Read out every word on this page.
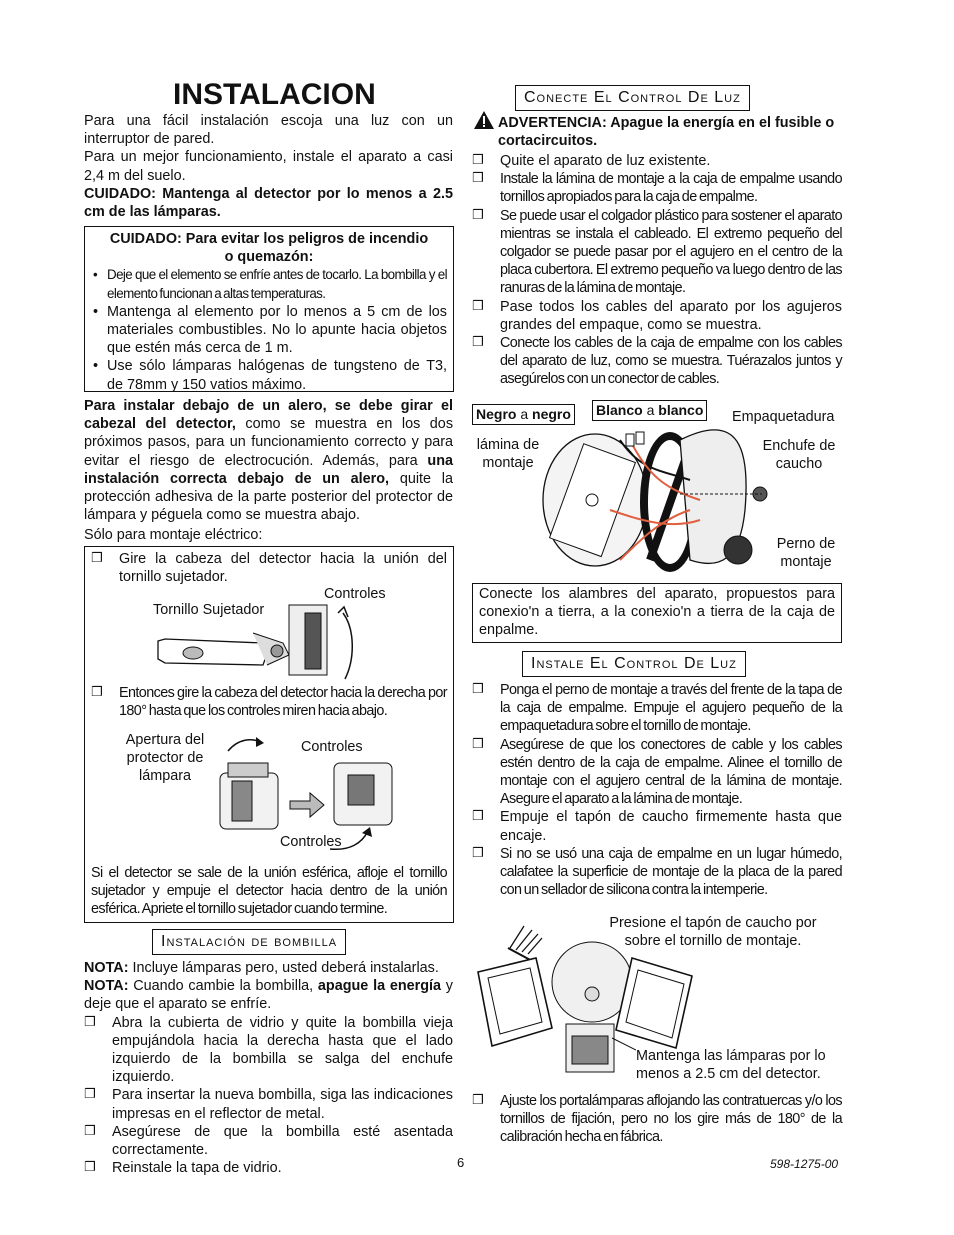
INSTALACION

Para una fácil instalación escoja una luz con un interruptor de pared.

Para un mejor funcionamiento, instale el aparato a casi 2,4 m del suelo.

CUIDADO: Mantenga al detector por lo menos a 2.5 cm de las lámparas.

CUIDADO: Para evitar los peligros de incendio o quemazón:

• Deje que el elemento se enfríe antes de tocarlo. La bombilla y el elemento funcionan a altas temperaturas.

• Mantenga al elemento por lo menos a 5 cm de los materiales combustibles. No lo apunte hacia objetos que estén más cerca de 1 m.

• Use sólo lámparas halógenas de tungsteno de T3, de 78mm y 150 vatios máximo.

Para instalar debajo de un alero, se debe girar el cabezal del detector, como se muestra en los dos próximos pasos, para un funcionamiento correcto y para evitar el riesgo de electrocución. Además, para una instalación correcta debajo de un alero, quite la protección adhesiva de la parte posterior del protector de lámpara y péguela como se muestra abajo.
Sólo para montaje eléctrico:

❒ Gire la cabeza del detector hacia la unión del tornillo sujetador.

Tornillo Sujetador
Controles

❒ Entonces gire la cabeza del detector hacia la derecha por 180° hasta que los controles miren hacia abajo.

Apertura del protector de lámpara
Controles
Controles
Si el detector se sale de la unión esférica, afloje el tornillo sujetador y empuje el detector hacia dentro de la unión esférica. Apriete el tornillo sujetador cuando termine.
Instalación de bombilla

NOTA: Incluye lámparas pero, usted deberá instalarlas.

NOTA: Cuando cambie la bombilla, apague la energía y deje que el aparato se enfríe.

❒ Abra la cubierta de vidrio y quite la bombilla vieja empujándola hacia la derecha hasta que el lado izquierdo de la bombilla se salga del enchufe izquierdo.

❒ Para insertar la nueva bombilla, siga las indicaciones impresas en el reflector de metal.

❒ Asegúrese de que la bombilla esté asentada correctamente.

❒ Reinstale la tapa de vidrio.

Conecte El Control De Luz
ADVERTENCIA: Apague la energía en el fusible o cortacircuitos.

❒ Quite el aparato de luz existente.

❒ Instale la lámina de montaje a la caja de empalme usando tornillos apropiados para la caja de empalme.

❒ Se puede usar el colgador plástico para sostener el aparato mientras se instala el cableado. El extremo pequeño del colgador se puede pasar por el agujero en el centro de la placa cubertora. El extremo pequeño va luego dentro de las ranuras de la lámina de montaje.

❒ Pase todos los cables del aparato por los agujeros grandes del empaque, como se muestra.

❒ Conecte los cables de la caja de empalme con los cables del aparato de luz, como se muestra. Tuérazalos juntos y asegúrelos con un conector de cables.

Negro a negro Blanco a blanco Empaquetadura
lámina de montaje
Enchufe de caucho
Perno de montaje
Conecte los alambres del aparato, propuestos para conexio'n a tierra, a la conexio'n a tierra de la caja de enpalme.
Instale El Control De Luz

❒ Ponga el perno de montaje a través del frente de la tapa de la caja de empalme. Empuje el agujero pequeño de la empaquetadura sobre el tornillo de montaje.

❒ Asegúrese de que los conectores de cable y los cables estén dentro de la caja de empalme. Alinee el tornillo de montaje con el agujero central de la lámina de montaje. Asegure el aparato a la lámina de montaje.

❒ Empuje el tapón de caucho firmemente hasta que encaje.

❒ Si no se usó una caja de empalme en un lugar húmedo, calafatee la superficie de montaje de la placa de la pared con un sellador de silicona contra la intemperie.

Presione el tapón de caucho por sobre el tornillo de montaje.
Mantenga las lámparas por lo menos a 2.5 cm del detector.

❒ Ajuste los portalámparas aflojando las contratuercas y/o los tornillos de fijación, pero no los gire más de 180° de la calibración hecha en fábrica.

6	598-1275-00
